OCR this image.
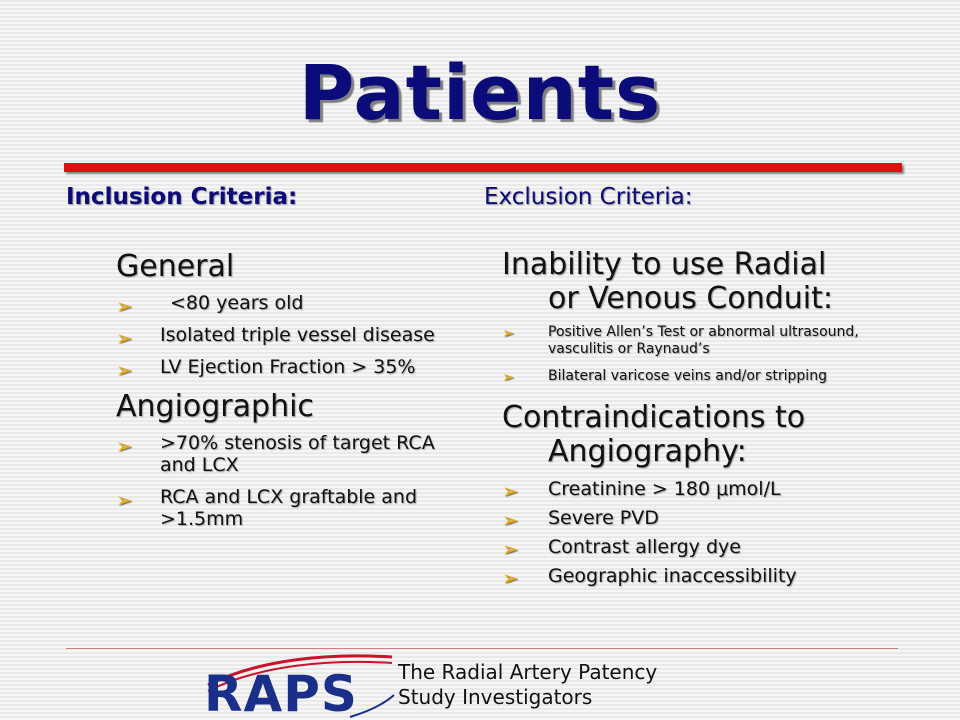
Patients
Inclusion Criteria:	Exclusion Criteria:
General
➢	<80 years old
➢ Isolated triple vessel disease
➢ LV Ejection Fraction > 35%
Angiographic
➢ >70% stenosis of target RCA and LCX
➢ RCA and LCX graftable and >1.5mm
Inability to use Radial
or Venous Conduit:
➢ Positive Allen’s Test or abnormal ultrasound, vasculitis or Raynaud’s
➢ Bilateral varicose veins and/or stripping
Contraindications to
Angiography:
➢ Creatinine > 180 μmol/L
➢ Severe PVD
➢ Contrast allergy dye
➢ Geographic inaccessibility
RAPS The Radial Artery Patency
Study Investigators
